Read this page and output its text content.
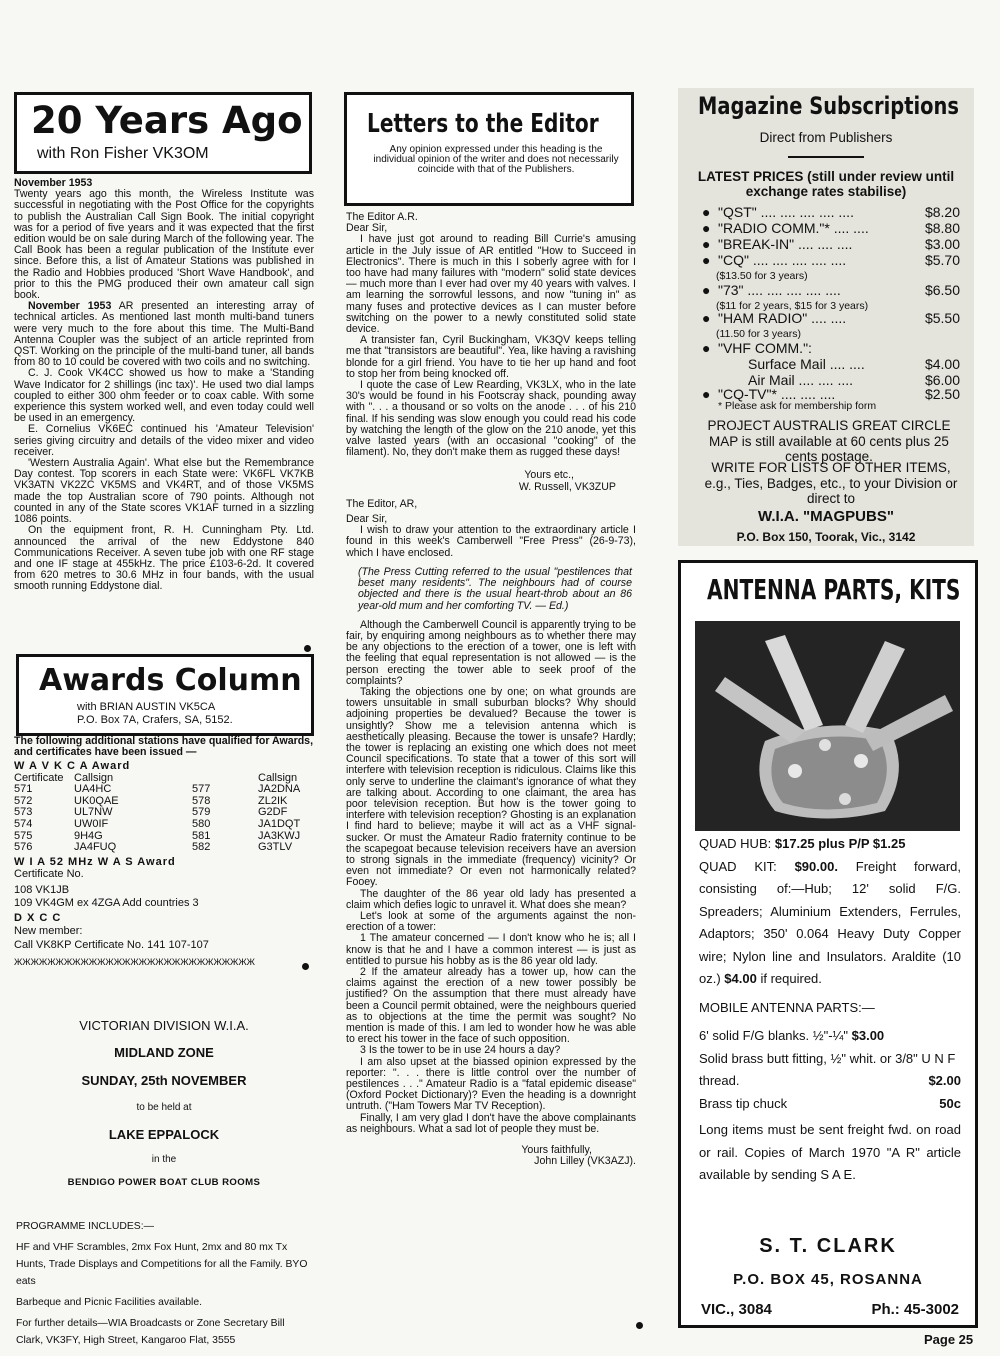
20 Years Ago
with Ron Fisher VK3OM

November 1953

Twenty years ago this month, the Wireless Institute was successful in negotiating with the Post Office for the copyrights to publish the Australian Call Sign Book. The initial copyright was for a period of five years and it was expected that the first edition would be on sale during March of the following year. The Call Book has been a regular publication of the Institute ever since. Before this, a list of Amateur Stations was published in the Radio and Hobbies produced 'Short Wave Handbook', and prior to this the PMG produced their own amateur call sign book.

November 1953 AR presented an interesting array of technical articles. As mentioned last month multi-band tuners were very much to the fore about this time. The Multi-Band Antenna Coupler was the subject of an article reprinted from QST. Working on the principle of the multi-band tuner, all bands from 80 to 10 could be covered with two coils and no switching.

C. J. Cook VK4CC showed us how to make a 'Standing Wave Indicator for 2 shillings (inc tax)'. He used two dial lamps coupled to either 300 ohm feeder or to coax cable. With some experience this system worked well, and even today could well be used in an emergency.

E. Cornelius VK6EC continued his 'Amateur Television' series giving circuitry and details of the video mixer and video receiver.

'Western Australia Again'. What else but the Remembrance Day contest. Top scorers in each State were: VK6FL VK7KB VK3ATN VK2ZC VK5MS and VK4RT, and of those VK5MS made the top Australian score of 790 points. Although not counted in any of the State scores VK1AF turned in a sizzling 1086 points.

On the equipment front, R. H. Cunningham Pty. Ltd. announced the arrival of the new Eddystone 840 Communications Receiver. A seven tube job with one RF stage and one IF stage at 455kHz. The price £103-6-2d. It covered from 620 metres to 30.6 MHz in four bands, with the usual smooth running Eddystone dial.

Awards Column
with BRIAN AUSTIN VK5CA
P.O. Box 7A, Crafers, SA, 5152.
The following additional stations have qualified for Awards, and certificates have been issued —
W A V K C A Award
Certificate	Callsign		Callsign
571	UA4HC	577	JA2DNA
572	UK0QAE	578	ZL2IK
573	UL7NW	579	G2DF
574	UW0IF	580	JA1DQT
575	9H4G	581	JA3KWJ
576	JA4FUQ	582	G3TLV
W I A 52 MHz W A S Award
Certificate No.
108 VK1JB
109 VK4GM ex 4ZGA Add countries 3
D X C C
New member:
Call VK8KP Certificate No. 141 107-107
ЖЖЖЖЖЖЖЖЖЖЖЖЖЖЖЖЖЖЖЖЖЖЖЖЖЖЖЖЖ

VICTORIAN DIVISION W.I.A.

MIDLAND ZONE

SUNDAY, 25th NOVEMBER

to be held at

LAKE EPPALOCK

in the

BENDIGO POWER BOAT CLUB ROOMS

PROGRAMME INCLUDES:—
HF and VHF Scrambles, 2mx Fox Hunt, 2mx and 80 mx Tx Hunts, Trade Displays and Competitions for all the Family. BYO eats
Barbeque and Picnic Facilities available.
For further details—WIA Broadcasts or Zone Secretary Bill Clark, VK3FY, High Street, Kangaroo Flat, 3555
Letters to the Editor
Any opinion expressed under this heading is the individual opinion of the writer and does not necessarily coincide with that of the Publishers.

The Editor A.R.

Dear Sir,

I have just got around to reading Bill Currie's amusing article in the July issue of AR entitled "How to Succeed in Electronics". There is much in this I soberly agree with for I too have had many failures with "modern" solid state devices — much more than I ever had over my 40 years with valves. I am learning the sorrowful lessons, and now "tuning in" as many fuses and protective devices as I can muster before switching on the power to a newly constituted solid state device.

A transister fan, Cyril Buckingham, VK3QV keeps telling me that "transistors are beautiful". Yea, like having a ravishing blonde for a girl friend. You have to tie her up hand and foot to stop her from being knocked off.

I quote the case of Lew Rearding, VK3LX, who in the late 30's would be found in his Footscray shack, pounding away with ". . . a thousand or so volts on the anode . . . of his 210 final. If his sending was slow enough you could read his code by watching the length of the glow on the 210 anode, yet this valve lasted years (with an occasional "cooking" of the filament). No, they don't make them as rugged these days!

Yours etc.,

W. Russell, VK3ZUP

The Editor, AR,

Dear Sir,

I wish to draw your attention to the extraordinary article I found in this week's Camberwell "Free Press" (26-9-73), which I have enclosed.

(The Press Cutting referred to the usual "pestilences that beset many residents". The neighbours had of course objected and there is the usual heart-throb about an 86 year-old mum and her comforting TV. — Ed.)

Although the Camberwell Council is apparently trying to be fair, by enquiring among neighbours as to whether there may be any objections to the erection of a tower, one is left with the feeling that equal representation is not allowed — is the person erecting the tower able to seek proof of the complaints?

Taking the objections one by one; on what grounds are towers unsuitable in small suburban blocks? Why should adjoining properties be devalued? Because the tower is unsightly? Show me a television antenna which is aesthetically pleasing. Because the tower is unsafe? Hardly; the tower is replacing an existing one which does not meet Council specifications. To state that a tower of this sort will interfere with television reception is ridiculous. Claims like this only serve to underline the claimant's ignorance of what they are talking about. According to one claimant, the area has poor television reception. But how is the tower going to interfere with television reception? Ghosting is an explanation I find hard to believe; maybe it will act as a VHF signal-sucker. Or must the Amateur Radio fraternity continue to be the scapegoat because television receivers have an aversion to strong signals in the immediate (frequency) vicinity? Or even not immediate? Or even not harmonically related? Fooey.

The daughter of the 86 year old lady has presented a claim which defies logic to unravel it. What does she mean?

Let's look at some of the arguments against the non-erection of a tower:

1 The amateur concerned — I don't know who he is; all I know is that he and I have a common interest — is just as entitled to pursue his hobby as is the 86 year old lady.

2 If the amateur already has a tower up, how can the claims against the erection of a new tower possibly be justified? On the assumption that there must already have been a Council permit obtained, were the neighbours queried as to objections at the time the permit was sought? No mention is made of this. I am led to wonder how he was able to erect his tower in the face of such opposition.

3 Is the tower to be in use 24 hours a day?

I am also upset at the biassed opinion expressed by the reporter: ". . . there is little control over the number of pestilences . . ." Amateur Radio is a "fatal epidemic disease" (Oxford Pocket Dictionary)? Even the heading is a downright untruth. ("Ham Towers Mar TV Reception).

Finally, I am very glad I don't have the above complainants as neighbours. What a sad lot of people they must be.

Yours faithfully,

John Lilley (VK3AZJ).

Magazine Subscriptions
Direct from Publishers
LATEST PRICES (still under review until exchange rates stabilise)
● "QST" .... .... .... .... ....	$8.20
● "RADIO COMM."* .... ....	$8.80
● "BREAK-IN" .... .... ....	$3.00
● "CQ" .... .... .... .... ....	$5.70
($13.50 for 3 years)
● "73" .... .... .... .... ....	$6.50
($11 for 2 years, $15 for 3 years)
● "HAM RADIO" .... ....	$5.50
(11.50 for 3 years)
● "VHF COMM.":
Surface Mail .... ....	$4.00
Air Mail .... .... ....	$6.00
● "CQ-TV"* .... .... ....	$2.50
* Please ask for membership form
PROJECT AUSTRALIS GREAT CIRCLE MAP is still available at 60 cents plus 25 cents postage.
WRITE FOR LISTS OF OTHER ITEMS, e.g., Ties, Badges, etc., to your Division or direct to
W.I.A. "MAGPUBS"
P.O. Box 150, Toorak, Vic., 3142
ANTENNA PARTS, KITS

QUAD HUB: $17.25 plus P/P $1.25

QUAD KIT: $90.00. Freight forward, consisting of:—Hub; 12' solid F/G. Spreaders; Aluminium Extenders, Ferrules, Adaptors; 350' 0.064 Heavy Duty Copper wire; Nylon line and Insulators. Araldite (10 oz.) $4.00 if required.

MOBILE ANTENNA PARTS:—

6' solid F/G blanks. ½"-¼" $3.00

Solid brass butt fitting, ½" whit. or 3/8" U N F thread.	$2.00

Brass tip chuck	50c

Long items must be sent freight fwd. on road or rail. Copies of March 1970 "A R" article available by sending S A E.

S. T. CLARK
P.O. BOX 45, ROSANNA
VIC., 3084	Ph.: 45-3002
Page 25
